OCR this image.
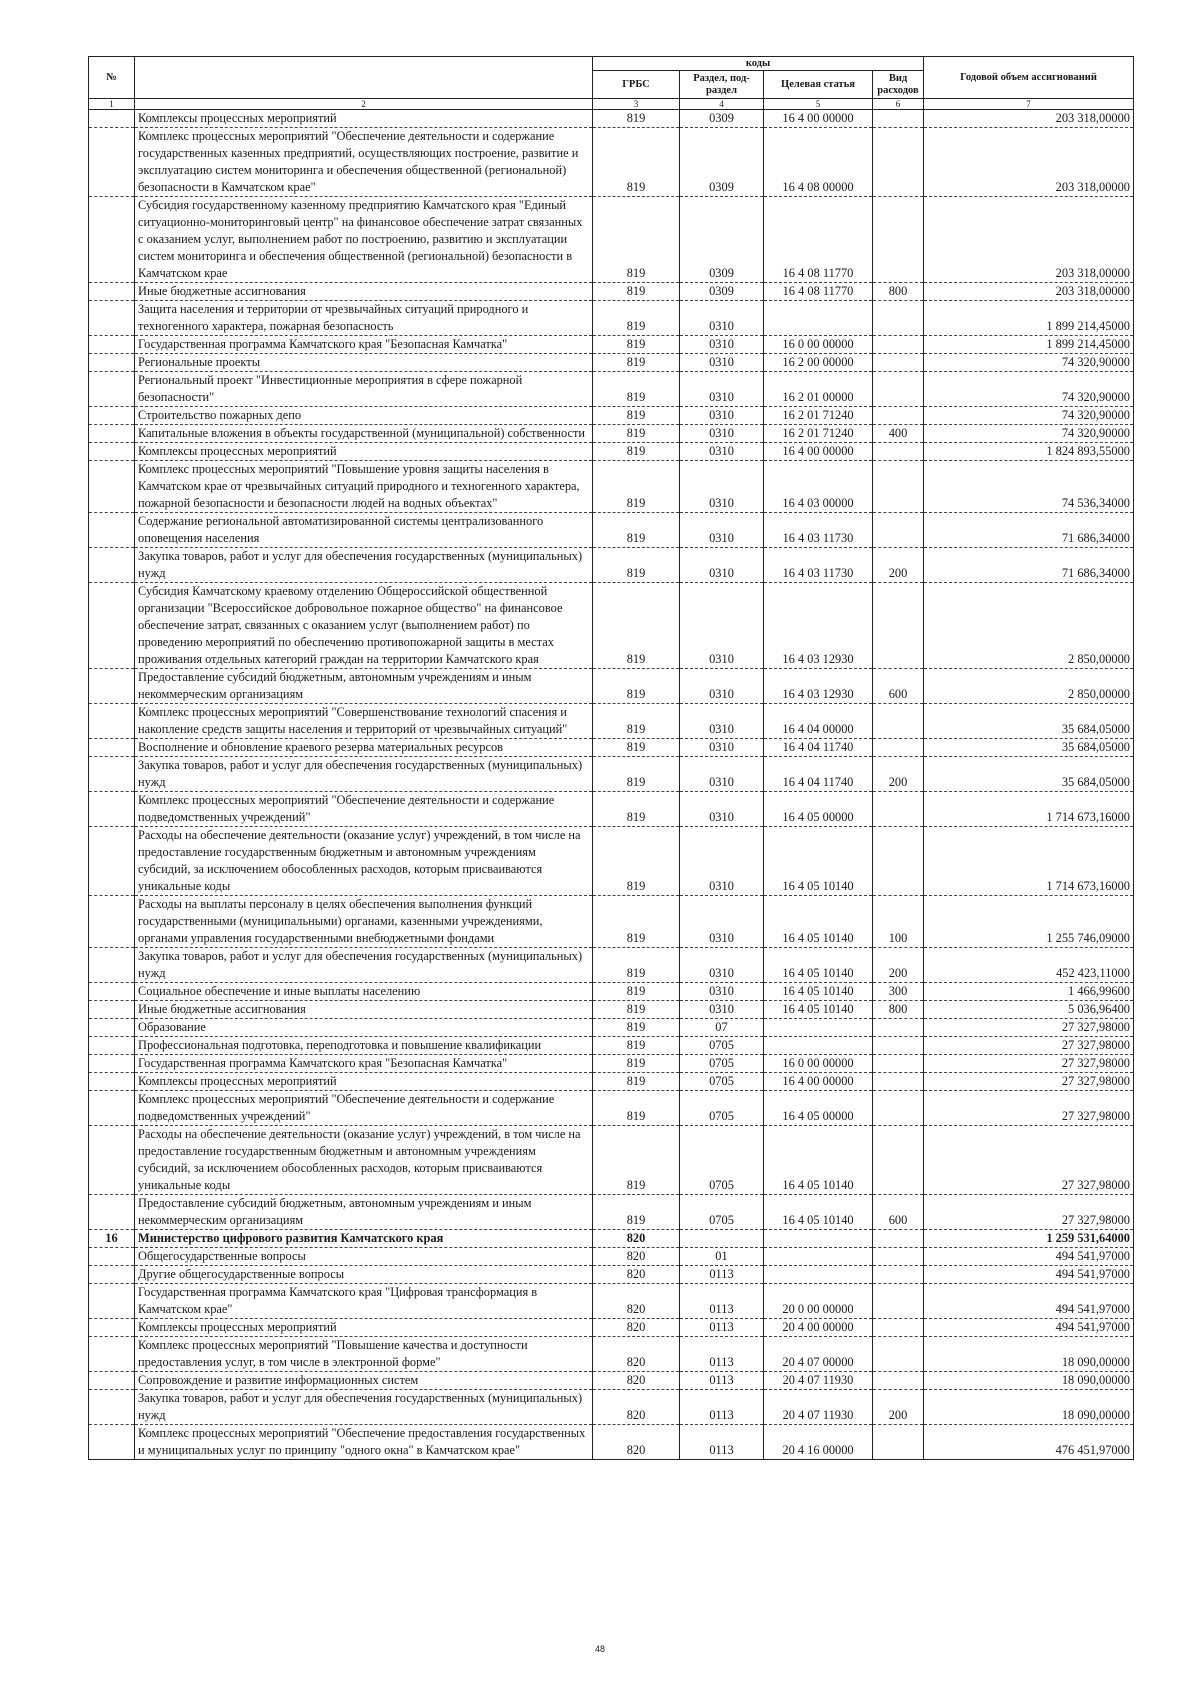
№		коды				Годовой объем ассигнований
		ГРБС	Раздел, под-раздел	Целевая статья	Вид расходов	
1	2	3	4	5	6	7
	Комплексы процессных мероприятий	819	0309	16 4 00 00000		203 318,00000
	Комплекс процессных мероприятий "Обеспечение деятельности и содержание государственных казенных предприятий, осуществляющих построение, развитие и эксплуатацию систем мониторинга и обеспечения общественной (региональной) безопасности в Камчатском крае"	819	0309	16 4 08 00000		203 318,00000
	Субсидия государственному казенному предприятию Камчатского края "Единый ситуационно-мониторинговый центр" на финансовое обеспечение затрат связанных с оказанием услуг, выполнением работ по построению, развитию и эксплуатации систем мониторинга и обеспечения общественной (региональной) безопасности в Камчатском крае	819	0309	16 4 08 11770		203 318,00000
	Иные бюджетные ассигнования	819	0309	16 4 08 11770	800	203 318,00000
	Защита населения и территории от чрезвычайных ситуаций природного и техногенного характера, пожарная безопасность	819	0310			1 899 214,45000
	Государственная программа Камчатского края "Безопасная Камчатка"	819	0310	16 0 00 00000		1 899 214,45000
	Региональные проекты	819	0310	16 2 00 00000		74 320,90000
	Региональный проект "Инвестиционные мероприятия в сфере пожарной безопасности"	819	0310	16 2 01 00000		74 320,90000
	Строительство пожарных депо	819	0310	16 2 01 71240		74 320,90000
	Капитальные вложения в объекты государственной (муниципальной) собственности	819	0310	16 2 01 71240	400	74 320,90000
	Комплексы процессных мероприятий	819	0310	16 4 00 00000		1 824 893,55000
	Комплекс процессных мероприятий "Повышение уровня защиты населения в Камчатском крае от чрезвычайных ситуаций природного и техногенного характера, пожарной безопасности и безопасности людей на водных объектах"	819	0310	16 4 03 00000		74 536,34000
	Содержание региональной автоматизированной системы централизованного оповещения населения	819	0310	16 4 03 11730		71 686,34000
	Закупка товаров, работ и услуг для обеспечения государственных (муниципальных) нужд	819	0310	16 4 03 11730	200	71 686,34000
	Субсидия Камчатскому краевому отделению Общероссийской общественной организации "Всероссийское добровольное пожарное общество" на финансовое обеспечение затрат, связанных с оказанием услуг (выполнением работ) по проведению мероприятий по обеспечению противопожарной защиты в местах проживания отдельных категорий граждан на территории Камчатского края	819	0310	16 4 03 12930		2 850,00000
	Предоставление субсидий бюджетным, автономным учреждениям и иным некоммерческим организациям	819	0310	16 4 03 12930	600	2 850,00000
	Комплекс процессных мероприятий "Совершенствование технологий спасения и накопление средств защиты населения и территорий от чрезвычайных ситуаций"	819	0310	16 4 04 00000		35 684,05000
	Восполнение и обновление краевого резерва материальных ресурсов	819	0310	16 4 04 11740		35 684,05000
	Закупка товаров, работ и услуг для обеспечения государственных (муниципальных) нужд	819	0310	16 4 04 11740	200	35 684,05000
	Комплекс процессных мероприятий "Обеспечение деятельности и содержание подведомственных учреждений"	819	0310	16 4 05 00000		1 714 673,16000
	Расходы на обеспечение деятельности (оказание услуг) учреждений, в том числе на предоставление государственным бюджетным и автономным учреждениям субсидий, за исключением обособленных расходов, которым присваиваются уникальные коды	819	0310	16 4 05 10140		1 714 673,16000
	Расходы на выплаты персоналу в целях обеспечения выполнения функций государственными (муниципальными) органами, казенными учреждениями, органами управления государственными внебюджетными фондами	819	0310	16 4 05 10140	100	1 255 746,09000
	Закупка товаров, работ и услуг для обеспечения государственных (муниципальных) нужд	819	0310	16 4 05 10140	200	452 423,11000
	Социальное обеспечение и иные выплаты населению	819	0310	16 4 05 10140	300	1 466,99600
	Иные бюджетные ассигнования	819	0310	16 4 05 10140	800	5 036,96400
	Образование	819	07			27 327,98000
	Профессиональная подготовка, переподготовка и повышение квалификации	819	0705			27 327,98000
	Государственная программа Камчатского края "Безопасная Камчатка"	819	0705	16 0 00 00000		27 327,98000
	Комплексы процессных мероприятий	819	0705	16 4 00 00000		27 327,98000
	Комплекс процессных мероприятий "Обеспечение деятельности и содержание подведомственных учреждений"	819	0705	16 4 05 00000		27 327,98000
	Расходы на обеспечение деятельности (оказание услуг) учреждений, в том числе на предоставление государственным бюджетным и автономным учреждениям субсидий, за исключением обособленных расходов, которым присваиваются уникальные коды	819	0705	16 4 05 10140		27 327,98000
	Предоставление субсидий бюджетным, автономным учреждениям и иным некоммерческим организациям	819	0705	16 4 05 10140	600	27 327,98000
16	Министерство цифрового развития Камчатского края	820				1 259 531,64000
	Общегосударственные вопросы	820	01			494 541,97000
	Другие общегосударственные вопросы	820	0113			494 541,97000
	Государственная программа Камчатского края "Цифровая трансформация в Камчатском крае"	820	0113	20 0 00 00000		494 541,97000
	Комплексы процессных мероприятий	820	0113	20 4 00 00000		494 541,97000
	Комплекс процессных мероприятий "Повышение качества и доступности предоставления услуг, в том числе в электронной форме"	820	0113	20 4 07 00000		18 090,00000
	Сопровождение и развитие информационных систем	820	0113	20 4 07 11930		18 090,00000
	Закупка товаров, работ и услуг для обеспечения государственных (муниципальных) нужд	820	0113	20 4 07 11930	200	18 090,00000
	Комплекс процессных мероприятий "Обеспечение предоставления государственных и муниципальных услуг по принципу "одного окна" в Камчатском крае"	820	0113	20 4 16 00000		476 451,97000
48
